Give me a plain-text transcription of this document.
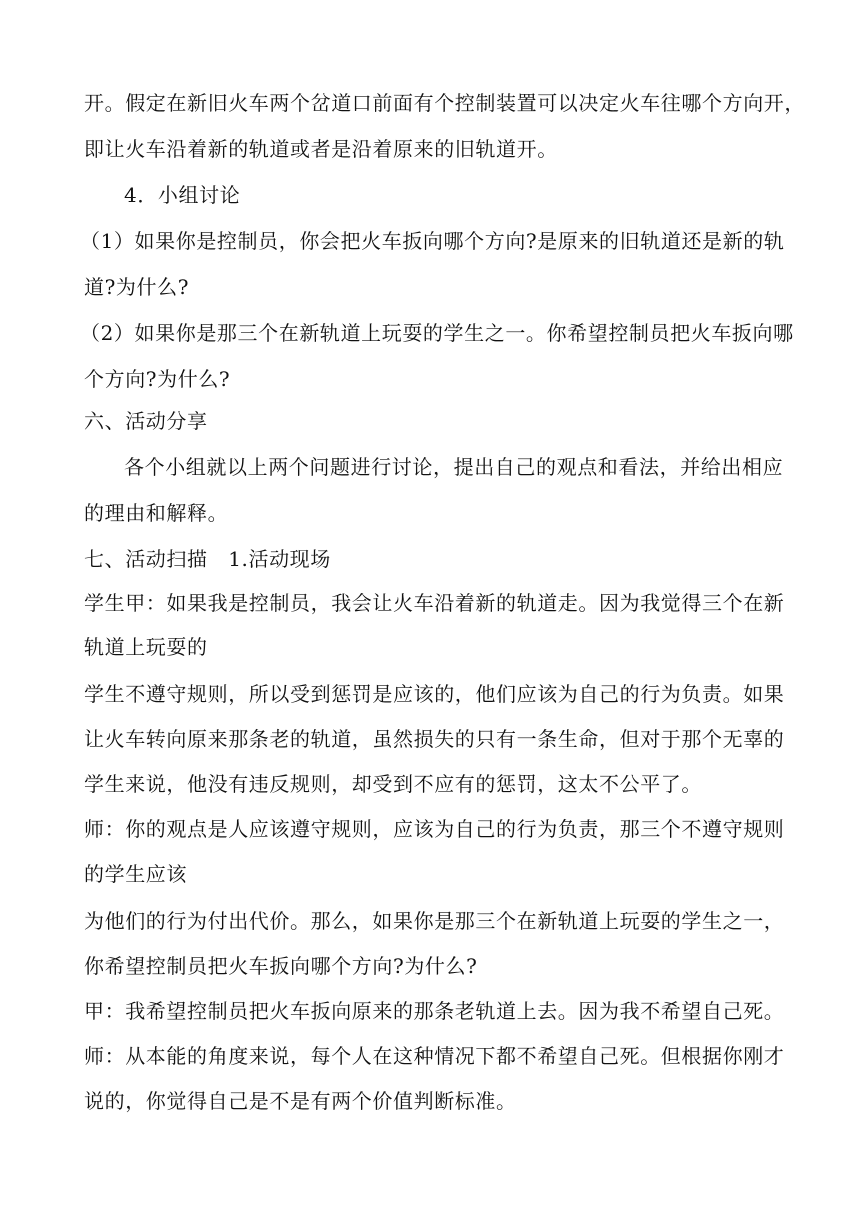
开。假定在新旧火车两个岔道口前面有个控制装置可以决定火车往哪个方向开，
即让火车沿着新的轨道或者是沿着原来的旧轨道开。
4．小组讨论
（1）如果你是控制员，你会把火车扳向哪个方向?是原来的旧轨道还是新的轨
道?为什么?
（2）如果你是那三个在新轨道上玩耍的学生之一。你希望控制员把火车扳向哪
个方向?为什么?
六、活动分享
各个小组就以上两个问题进行讨论，提出自己的观点和看法，并给出相应
的理由和解释。
七、活动扫描　1.活动现场
学生甲：如果我是控制员，我会让火车沿着新的轨道走。因为我觉得三个在新
轨道上玩耍的
学生不遵守规则，所以受到惩罚是应该的，他们应该为自己的行为负责。如果
让火车转向原来那条老的轨道，虽然损失的只有一条生命，但对于那个无辜的
学生来说，他没有违反规则，却受到不应有的惩罚，这太不公平了。
师：你的观点是人应该遵守规则，应该为自己的行为负责，那三个不遵守规则
的学生应该
为他们的行为付出代价。那么，如果你是那三个在新轨道上玩耍的学生之一，
你希望控制员把火车扳向哪个方向?为什么?
甲：我希望控制员把火车扳向原来的那条老轨道上去。因为我不希望自己死。
师：从本能的角度来说，每个人在这种情况下都不希望自己死。但根据你刚才
说的，你觉得自己是不是有两个价值判断标准。
